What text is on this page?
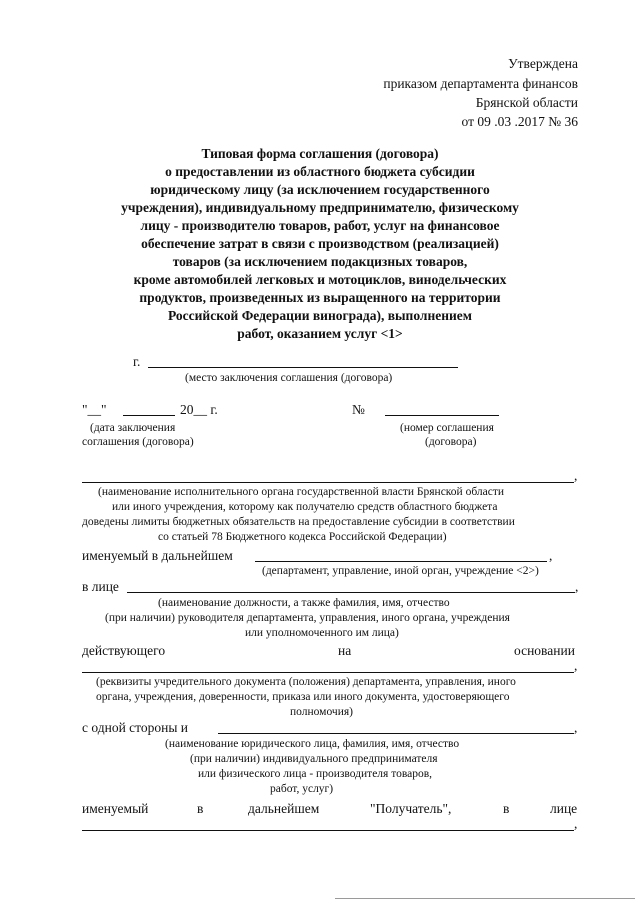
Утверждена
приказом департамента финансов
Брянской области
от 09 .03 .2017 № 36
Типовая форма соглашения (договора)
о предоставлении из областного бюджета субсидии
юридическому лицу (за исключением государственного
учреждения), индивидуальному предпринимателю, физическому
лицу - производителю товаров, работ, услуг на финансовое
обеспечение затрат в связи с производством (реализацией)
товаров (за исключением подакцизных товаров,
кроме автомобилей легковых и мотоциклов, винодельческих
продуктов, произведенных из выращенного на территории
Российской Федерации винограда), выполнением
работ, оказанием услуг <1>
г.
(место заключения соглашения (договора)
"__"	20__ г.
(дата заключения
соглашения (договора)
№
(номер соглашения
(договора)
,
(наименование исполнительного органа государственной власти Брянской области
или иного учреждения, которому как получателю средств областного бюджета
доведены лимиты бюджетных обязательств на предоставление субсидии в соответствии
со статьей 78 Бюджетного кодекса Российской Федерации)
именуемый в дальнейшем	,
(департамент, управление, иной орган, учреждение <2>)
в лице	,
(наименование должности, а также фамилия, имя, отчество
(при наличии) руководителя департамента, управления, иного органа, учреждения
или уполномоченного им лица)
действующего	на	основании
,
(реквизиты учредительного документа (положения) департамента, управления, иного
органа, учреждения, доверенности, приказа или иного документа, удостоверяющего
полномочия)
с одной стороны и	,
(наименование юридического лица, фамилия, имя, отчество
(при наличии) индивидуального предпринимателя
или физического лица - производителя товаров,
работ, услуг)
именуемый	в	дальнейшем	"Получатель",	в	лице
,
